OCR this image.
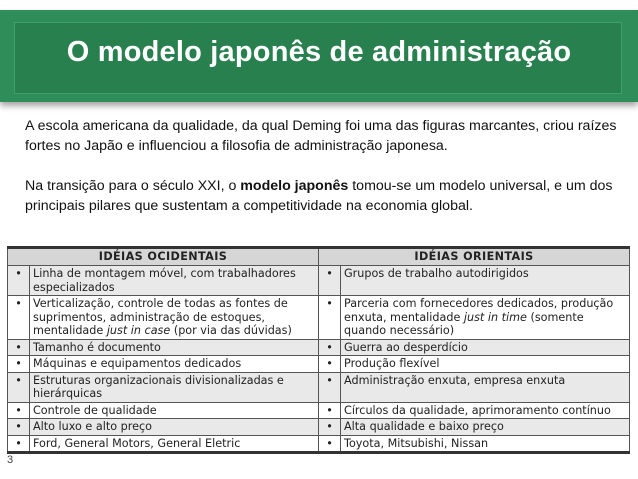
O modelo japonês de administração
A escola americana da qualidade, da qual Deming foi uma das figuras marcantes, criou raízes fortes no Japão e influenciou a filosofia de administração japonesa.
Na transição para o século XXI, o modelo japonês tomou-se um modelo universal, e um dos principais pilares que sustentam a competitividade na economia global.
IDÉIAS OCIDENTAIS		IDÉIAS ORIENTAIS	
•	Linha de montagem móvel, com trabalhadores especializados	•	Grupos de trabalho autodirigidos
•	Verticalização, controle de todas as fontes de suprimentos, administração de estoques, mentalidade just in case (por via das dúvidas)	•	Parceria com fornecedores dedicados, produção enxuta, mentalidade just in time (somente quando necessário)
•	Tamanho é documento	•	Guerra ao desperdício
•	Máquinas e equipamentos dedicados	•	Produção flexível
•	Estruturas organizacionais divisionalizadas e hierárquicas	•	Administração enxuta, empresa enxuta
•	Controle de qualidade	•	Círculos da qualidade, aprimoramento contínuo
•	Alto luxo e alto preço	•	Alta qualidade e baixo preço
•	Ford, General Motors, General Eletric	•	Toyota, Mitsubishi, Nissan
3
